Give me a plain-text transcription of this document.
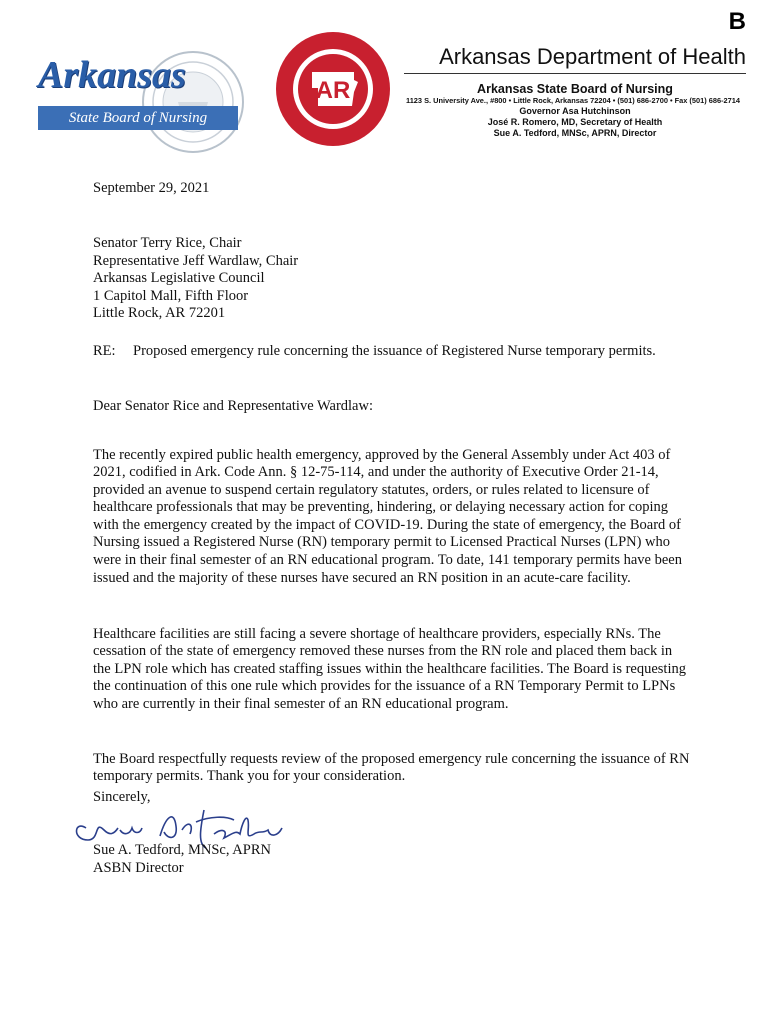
B
Arkansas
State Board of Nursing
AR
Arkansas Department of Health
Arkansas State Board of Nursing
1123 S. University Ave., #800 • Little Rock, Arkansas 72204 • (501) 686-2700 • Fax (501) 686-2714
Governor Asa Hutchinson
José R. Romero, MD, Secretary of Health
Sue A. Tedford, MNSc, APRN, Director
September 29, 2021
Senator Terry Rice, Chair
Representative Jeff Wardlaw, Chair
Arkansas Legislative Council
1 Capitol Mall, Fifth Floor
Little Rock, AR 72201
RE: Proposed emergency rule concerning the issuance of Registered Nurse temporary permits.
Dear Senator Rice and Representative Wardlaw:

The recently expired public health emergency, approved by the General Assembly under Act 403 of 2021, codified in Ark. Code Ann. § 12-75-114, and under the authority of Executive Order 21-14, provided an avenue to suspend certain regulatory statutes, orders, or rules related to licensure of healthcare professionals that may be preventing, hindering, or delaying necessary action for coping with the emergency created by the impact of COVID-19. During the state of emergency, the Board of Nursing issued a Registered Nurse (RN) temporary permit to Licensed Practical Nurses (LPN) who were in their final semester of an RN educational program. To date, 141 temporary permits have been issued and the majority of these nurses have secured an RN position in an acute-care facility.

Healthcare facilities are still facing a severe shortage of healthcare providers, especially RNs. The cessation of the state of emergency removed these nurses from the RN role and placed them back in the LPN role which has created staffing issues within the healthcare facilities. The Board is requesting the continuation of this one rule which provides for the issuance of a RN Temporary Permit to LPNs who are currently in their final semester of an RN educational program.

The Board respectfully requests review of the proposed emergency rule concerning the issuance of RN temporary permits. Thank you for your consideration.

Sincerely,
Sue A. Tedford, MNSc, APRN
ASBN Director
